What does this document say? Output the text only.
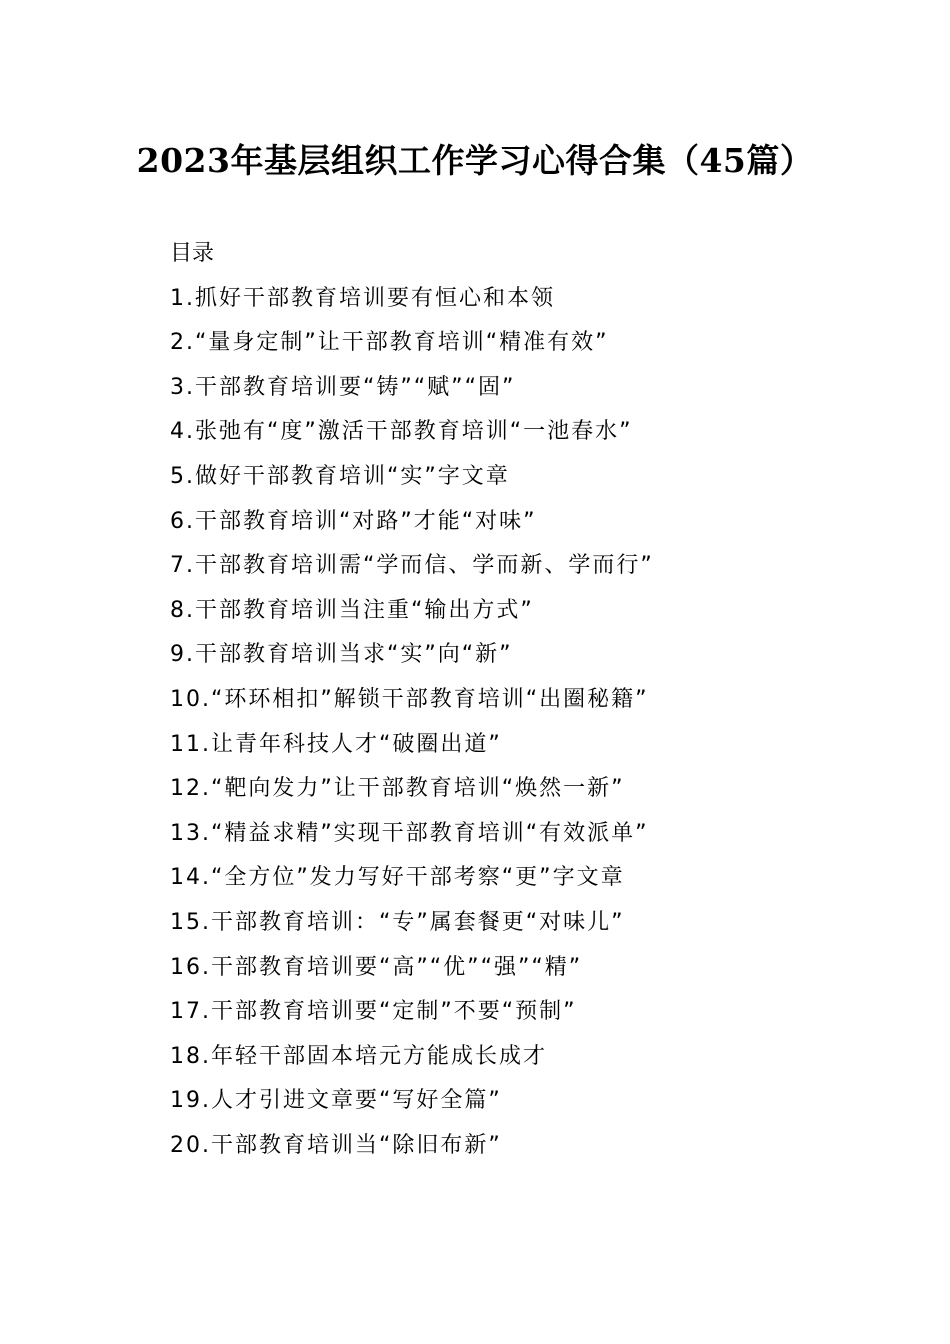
2023年基层组织工作学习心得合集（45篇）
目录
1.抓好干部教育培训要有恒心和本领
2.“量身定制”让干部教育培训“精准有效”
3.干部教育培训要“铸”“赋”“固”
4.张弛有“度”激活干部教育培训“一池春水”
5.做好干部教育培训“实”字文章
6.干部教育培训“对路”才能“对味”
7.干部教育培训需“学而信、学而新、学而行”
8.干部教育培训当注重“输出方式”
9.干部教育培训当求“实”向“新”
10.“环环相扣”解锁干部教育培训“出圈秘籍”
11.让青年科技人才“破圈出道”
12.“靶向发力”让干部教育培训“焕然一新”
13.“精益求精”实现干部教育培训“有效派单”
14.“全方位”发力写好干部考察“更”字文章
15.干部教育培训：“专”属套餐更“对味儿”
16.干部教育培训要“高”“优”“强”“精”
17.干部教育培训要“定制”不要“预制”
18.年轻干部固本培元方能成长成才
19.人才引进文章要“写好全篇”
20.干部教育培训当“除旧布新”
